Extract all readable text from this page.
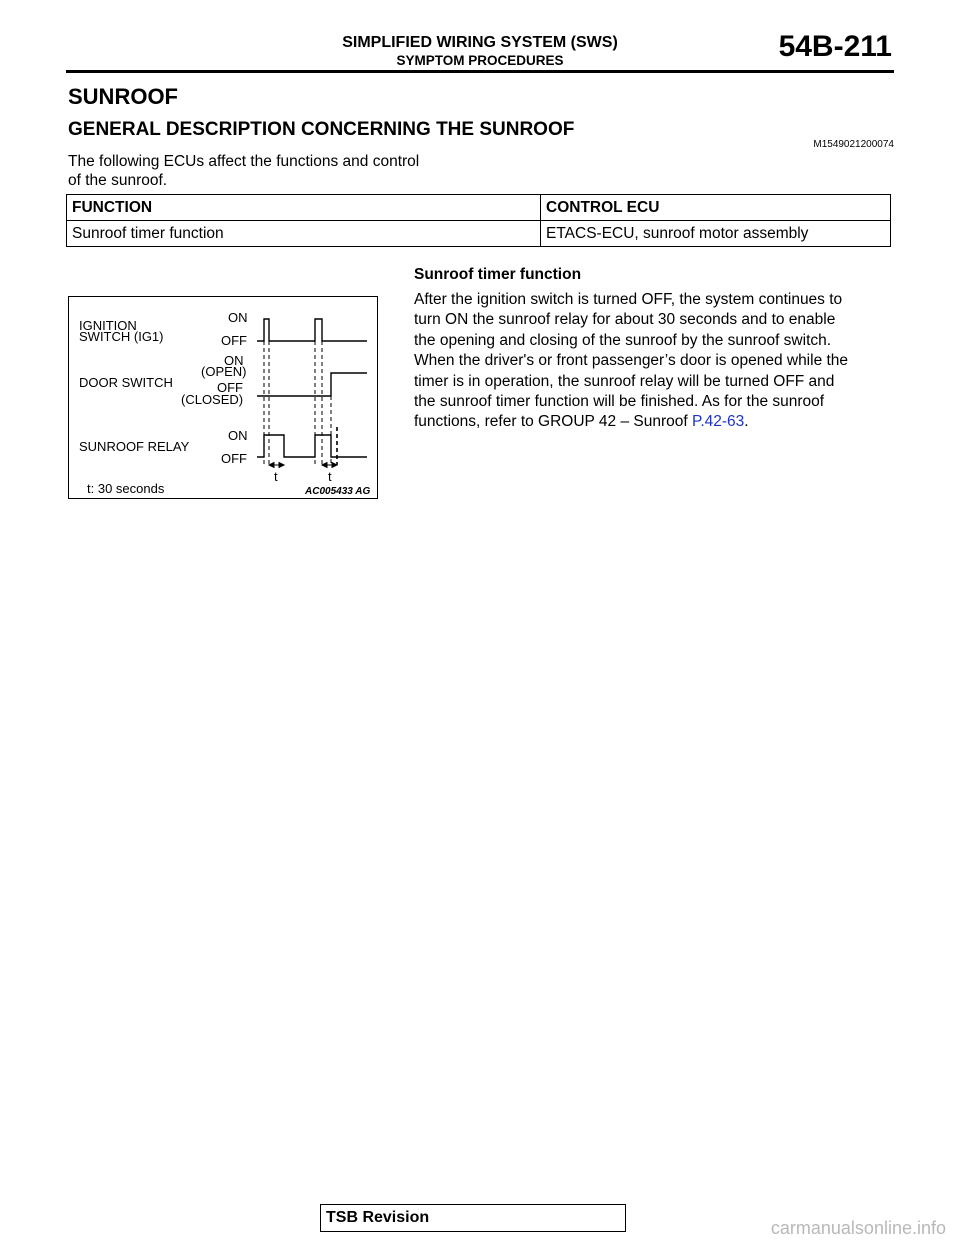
SIMPLIFIED WIRING SYSTEM (SWS)
SYMPTOM PROCEDURES	54B-211
SUNROOF
GENERAL DESCRIPTION CONCERNING THE SUNROOF
M1549021200074
The following ECUs affect the functions and control
of the sunroof.
FUNCTION	CONTROL ECU
Sunroof timer function	ETACS-ECU, sunroof motor assembly
IGNITION
SWITCH (IG1)
ON
OFF
DOOR SWITCH
ON
(OPEN)
OFF
(CLOSED)
SUNROOF RELAY
ON
OFF
t: 30 seconds	AC005433 AG
t	t
Sunroof timer function
After the ignition switch is turned OFF, the system continues to
turn ON the sunroof relay for about 30 seconds and to enable
the opening and closing of the sunroof by the sunroof switch.
When the driver's or front passenger’s door is opened while the
timer is in operation, the sunroof relay will be turned OFF and
the sunroof timer function will be finished. As for the sunroof
functions, refer to GROUP 42 – Sunroof P.42-63.
TSB Revision
carmanualsonline.info
